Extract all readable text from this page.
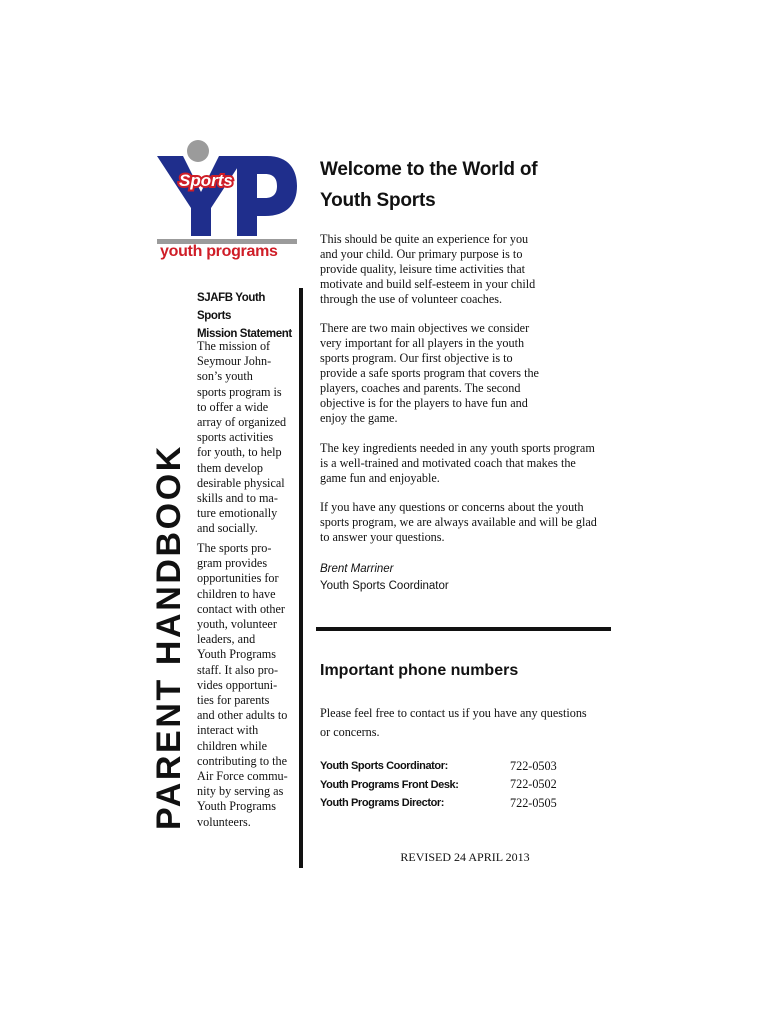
Sports
youth programs
PARENT HANDBOOK
SJAFB Youth Sports
Mission Statement
The mission of
Seymour John-
son’s youth
sports program is
to offer a wide
array of organized
sports activities
for youth, to help
them develop
desirable physical
skills and to ma-
ture emotionally
and socially.
The sports pro-
gram provides
opportunities for
children to have
contact with other
youth, volunteer
leaders, and
Youth Programs
staff. It also pro-
vides opportuni-
ties for parents
and other adults to
interact with
children while
contributing to the
Air Force commu-
nity by serving as
Youth Programs
volunteers.
Welcome to the World of
Youth Sports
This should be quite an experience for you
and your child. Our primary purpose is to
provide quality, leisure time activities that
motivate and build self-esteem in your child
through the use of volunteer coaches.
There are two main objectives we consider
very important for all players in the youth
sports program. Our first objective is to
provide a safe sports program that covers the
players, coaches and parents. The second
objective is for the players to have fun and
enjoy the game.
The key ingredients needed in any youth sports program
is a well-trained and motivated coach that makes the
game fun and enjoyable.
If you have any questions or concerns about the youth
sports program, we are always available and will be glad
to answer your questions.
Brent Marriner
Youth Sports Coordinator
Important phone numbers
Please feel free to contact us if you have any questions
or concerns.
Youth Sports Coordinator:	722-0503
Youth Programs Front Desk:	722-0502
Youth Programs Director:	722-0505
REVISED 24 APRIL 2013
